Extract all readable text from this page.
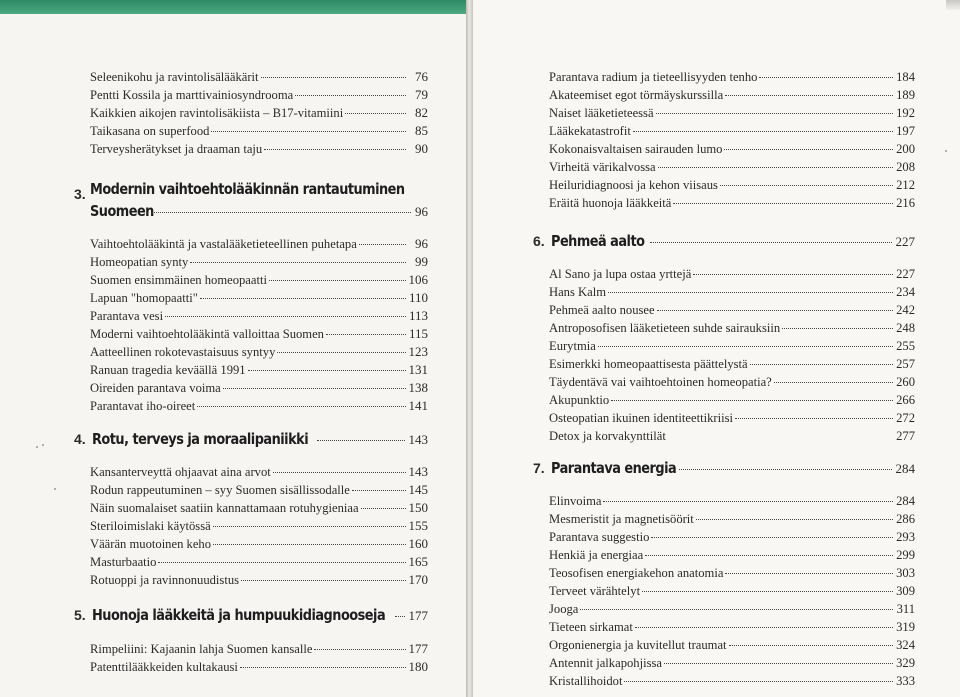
Seleenikohu ja ravintolisälääkärit	76
Pentti Kossila ja marttivainiosyndrooma	79
Kaikkien aikojen ravintolisäkiista – B17-vitamiini	82
Taikasana on superfood	85
Terveysherätykset ja draaman taju	90
3. Modernin vaihtoehtolääkinnän rantautuminen
Suomeen	96
Vaihtoehtolääkintä ja vastalääketieteellinen puhetapa	96
Homeopatian synty	99
Suomen ensimmäinen homeopaatti	106
Lapuan "homopaatti"	110
Parantava vesi	113
Moderni vaihtoehtolääkintä valloittaa Suomen	115
Aatteellinen rokotevastaisuus syntyy	123
Ranuan tragedia keväällä 1991	131
Oireiden parantava voima	138
Parantavat iho-oireet	141
4. Rotu, terveys ja moraalipaniikki	143
Kansanterveyttä ohjaavat aina arvot	143
Rodun rappeutuminen – syy Suomen sisällissodalle	145
Näin suomalaiset saatiin kannattamaan rotuhygieniaa	150
Steriloimislaki käytössä	155
Väärän muotoinen keho	160
Masturbaatio	165
Rotuoppi ja ravinnonuudistus	170
5. Huonoja lääkkeitä ja humpuukidiagnooseja 177
Rimpeliini: Kajaanin lahja Suomen kansalle	177
Patenttilääkkeiden kultakausi	180
Parantava radium ja tieteellisyyden tenho	184
Akateemiset egot törmäyskurssilla	189
Naiset lääketieteessä	192
Lääkekatastrofit	197
Kokonaisvaltaisen sairauden lumo	200
Virheitä värikalvossa	208
Heiluridiagnoosi ja kehon viisaus	212
Eräitä huonoja lääkkeitä	216
6. Pehmeä aalto	227
Al Sano ja lupa ostaa yrttejä	227
Hans Kalm	234
Pehmeä aalto nousee	242
Antroposofisen lääketieteen suhde sairauksiin	248
Eurytmia	255
Esimerkki homeopaattisesta päättelystä	257
Täydentävä vai vaihtoehtoinen homeopatia?	260
Akupunktio	266
Osteopatian ikuinen identiteettikriisi	272
Detox ja korvakynttilät	277
7. Parantava energia	284
Elinvoima	284
Mesmeristit ja magnetisöörit	286
Parantava suggestio	293
Henkiä ja energiaa	299
Teosofisen energiakehon anatomia	303
Terveet värähtelyt	309
Jooga	311
Tieteen sirkamat	319
Orgonienergia ja kuvitellut traumat	324
Antennit jalkapohjissa	329
Kristallihoidot	333
